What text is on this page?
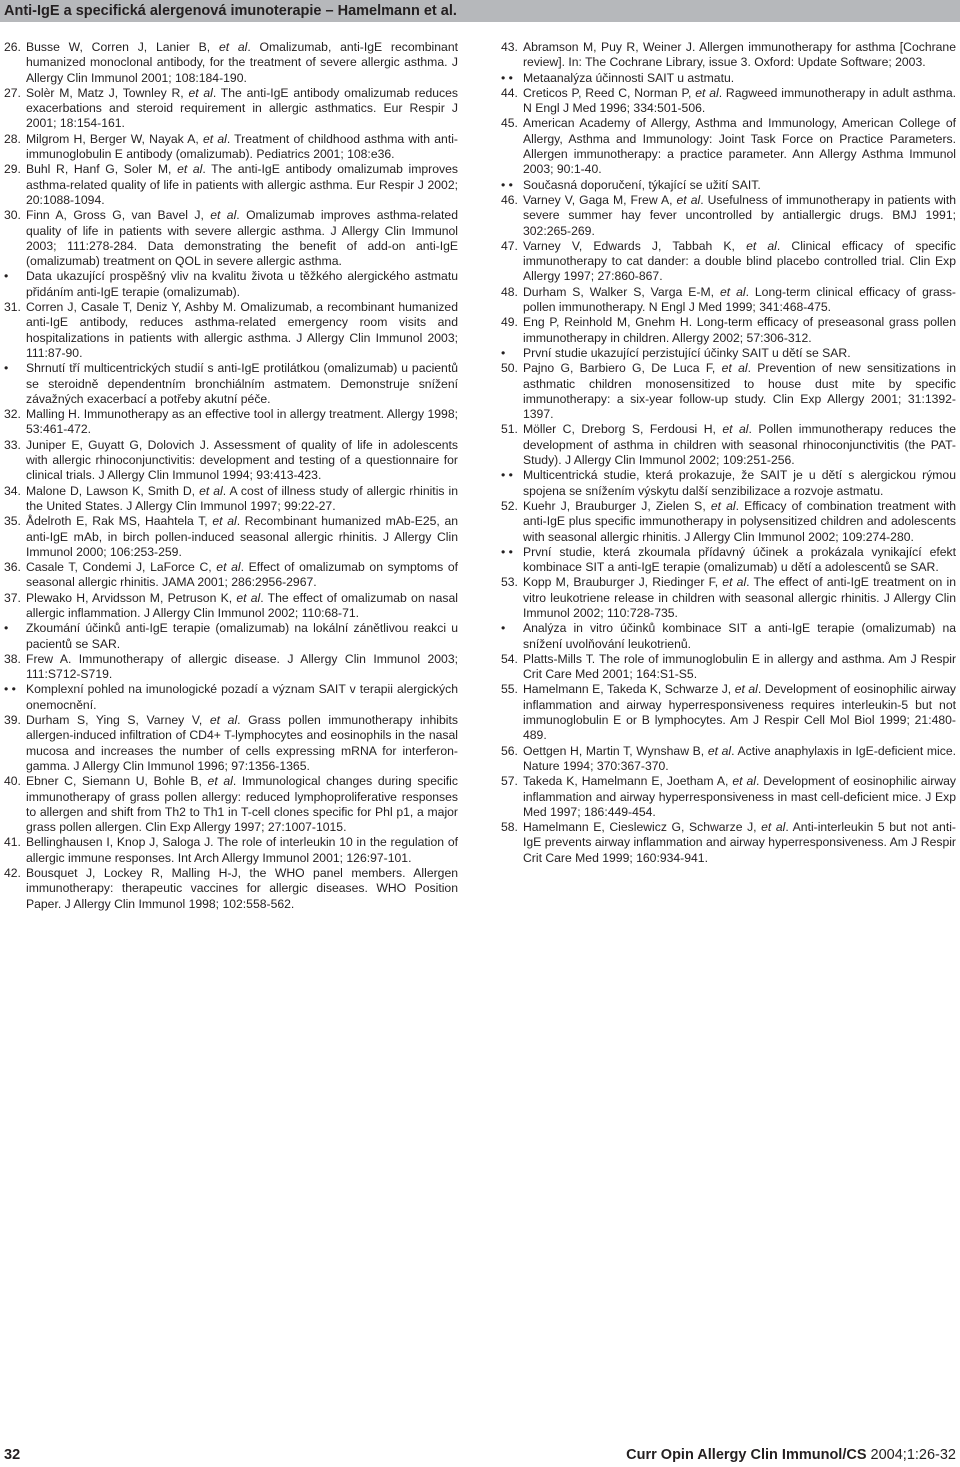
Anti-IgE a specifická alergenová imunoterapie – Hamelmann et al.
26. Busse W, Corren J, Lanier B, et al. Omalizumab, anti-IgE recombinant humanized monoclonal antibody, for the treatment of severe allergic asthma. J Allergy Clin Immunol 2001; 108:184-190.
27. Solèr M, Matz J, Townley R, et al. The anti-IgE antibody omalizumab reduces exacerbations and steroid requirement in allergic asthmatics. Eur Respir J 2001; 18:154-161.
28. Milgrom H, Berger W, Nayak A, et al. Treatment of childhood asthma with anti-immunoglobulin E antibody (omalizumab). Pediatrics 2001; 108:e36.
29. Buhl R, Hanf G, Soler M, et al. The anti-IgE antibody omalizumab improves asthma-related quality of life in patients with allergic asthma. Eur Respir J 2002; 20:1088-1094.
30. Finn A, Gross G, van Bavel J, et al. Omalizumab improves asthma-related quality of life in patients with severe allergic asthma. J Allergy Clin Immunol 2003; 111:278-284. Data demonstrating the benefit of add-on anti-IgE (omalizumab) treatment on QOL in severe allergic asthma.
•	Data ukazující prospěšný vliv na kvalitu života u těžkého alergického astmatu přidáním anti-IgE terapie (omalizumab).
31. Corren J, Casale T, Deniz Y, Ashby M. Omalizumab, a recombinant humanized anti-IgE antibody, reduces asthma-related emergency room visits and hospitalizations in patients with allergic asthma. J Allergy Clin Immunol 2003; 111:87-90.
•	Shrnutí tří multicentrických studií s anti-IgE protilátkou (omalizumab) u pacientů se steroidně dependentním bronchiálním astmatem. Demonstruje snížení závažných exacerbací a potřeby akutní péče.
32. Malling H. Immunotherapy as an effective tool in allergy treatment. Allergy 1998; 53:461-472.
33. Juniper E, Guyatt G, Dolovich J. Assessment of quality of life in adolescents with allergic rhinoconjunctivitis: development and testing of a questionnaire for clinical trials. J Allergy Clin Immunol 1994; 93:413-423.
34. Malone D, Lawson K, Smith D, et al. A cost of illness study of allergic rhinitis in the United States. J Allergy Clin Immunol 1997; 99:22-27.
35. Ådelroth E, Rak MS, Haahtela T, et al. Recombinant humanized mAb-E25, an anti-IgE mAb, in birch pollen-induced seasonal allergic rhinitis. J Allergy Clin Immunol 2000; 106:253-259.
36. Casale T, Condemi J, LaForce C, et al. Effect of omalizumab on symptoms of seasonal allergic rhinitis. JAMA 2001; 286:2956-2967.
37. Plewako H, Arvidsson M, Petruson K, et al. The effect of omalizumab on nasal allergic inflammation. J Allergy Clin Immunol 2002; 110:68-71.
•	Zkoumání účinků anti-IgE terapie (omalizumab) na lokální zánětlivou reakci u pacientů se SAR.
38. Frew A. Immunotherapy of allergic disease. J Allergy Clin Immunol 2003; 111:S712-S719.
• • Komplexní pohled na imunologické pozadí a význam SAIT v terapii alergických onemocnění.
39. Durham S, Ying S, Varney V, et al. Grass pollen immunotherapy inhibits allergen-induced infiltration of CD4+ T-lymphocytes and eosinophils in the nasal mucosa and increases the number of cells expressing mRNA for interferon-gamma. J Allergy Clin Immunol 1996; 97:1356-1365.
40. Ebner C, Siemann U, Bohle B, et al. Immunological changes during specific immunotherapy of grass pollen allergy: reduced lymphoproliferative responses to allergen and shift from Th2 to Th1 in T-cell clones specific for Phl p1, a major grass pollen allergen. Clin Exp Allergy 1997; 27:1007-1015.
41. Bellinghausen I, Knop J, Saloga J. The role of interleukin 10 in the regulation of allergic immune responses. Int Arch Allergy Immunol 2001; 126:97-101.
42. Bousquet J, Lockey R, Malling H-J, the WHO panel members. Allergen immunotherapy: therapeutic vaccines for allergic diseases. WHO Position Paper. J Allergy Clin Immunol 1998; 102:558-562.
43. Abramson M, Puy R, Weiner J. Allergen immunotherapy for asthma [Cochrane review]. In: The Cochrane Library, issue 3. Oxford: Update Software; 2003.
• • Metaanalýza účinnosti SAIT u astmatu.
44. Creticos P, Reed C, Norman P, et al. Ragweed immunotherapy in adult asthma. N Engl J Med 1996; 334:501-506.
45. American Academy of Allergy, Asthma and Immunology, American College of Allergy, Asthma and Immunology: Joint Task Force on Practice Parameters. Allergen immunotherapy: a practice parameter. Ann Allergy Asthma Immunol 2003; 90:1-40.
• • Současná doporučení, týkající se užití SAIT.
46. Varney V, Gaga M, Frew A, et al. Usefulness of immunotherapy in patients with severe summer hay fever uncontrolled by antiallergic drugs. BMJ 1991; 302:265-269.
47. Varney V, Edwards J, Tabbah K, et al. Clinical efficacy of specific immunotherapy to cat dander: a double blind placebo controlled trial. Clin Exp Allergy 1997; 27:860-867.
48. Durham S, Walker S, Varga E-M, et al. Long-term clinical efficacy of grass-pollen immunotherapy. N Engl J Med 1999; 341:468-475.
49. Eng P, Reinhold M, Gnehm H. Long-term efficacy of preseasonal grass pollen immunotherapy in children. Allergy 2002; 57:306-312.
•	První studie ukazující perzistující účinky SAIT u dětí se SAR.
50. Pajno G, Barbiero G, De Luca F, et al. Prevention of new sensitizations in asthmatic children monosensitized to house dust mite by specific immunotherapy: a six-year follow-up study. Clin Exp Allergy 2001; 31:1392-1397.
51. Möller C, Dreborg S, Ferdousi H, et al. Pollen immunotherapy reduces the development of asthma in children with seasonal rhinoconjunctivitis (the PAT-Study). J Allergy Clin Immunol 2002; 109:251-256.
• • Multicentrická studie, která prokazuje, že SAIT je u dětí s alergickou rýmou spojena se snížením výskytu další senzibilizace a rozvoje astmatu.
52. Kuehr J, Brauburger J, Zielen S, et al. Efficacy of combination treatment with anti-IgE plus specific immunotherapy in polysensitized children and adolescents with seasonal allergic rhinitis. J Allergy Clin Immunol 2002; 109:274-280.
• • První studie, která zkoumala přídavný účinek a prokázala vynikající efekt kombinace SIT a anti-IgE terapie (omalizumab) u dětí a adolescentů se SAR.
53. Kopp M, Brauburger J, Riedinger F, et al. The effect of anti-IgE treatment on in vitro leukotriene release in children with seasonal allergic rhinitis. J Allergy Clin Immunol 2002; 110:728-735.
•	Analýza in vitro účinků kombinace SIT a anti-IgE terapie (omalizumab) na snížení uvolňování leukotrienů.
54. Platts-Mills T. The role of immunoglobulin E in allergy and asthma. Am J Respir Crit Care Med 2001; 164:S1-S5.
55. Hamelmann E, Takeda K, Schwarze J, et al. Development of eosinophilic airway inflammation and airway hyperresponsiveness requires interleukin-5 but not immunoglobulin E or B lymphocytes. Am J Respir Cell Mol Biol 1999; 21:480-489.
56. Oettgen H, Martin T, Wynshaw B, et al. Active anaphylaxis in IgE-deficient mice. Nature 1994; 370:367-370.
57. Takeda K, Hamelmann E, Joetham A, et al. Development of eosinophilic airway inflammation and airway hyperresponsiveness in mast cell-deficient mice. J Exp Med 1997; 186:449-454.
58. Hamelmann E, Cieslewicz G, Schwarze J, et al. Anti-interleukin 5 but not anti-IgE prevents airway inflammation and airway hyperresponsiveness. Am J Respir Crit Care Med 1999; 160:934-941.
32	Curr Opin Allergy Clin Immunol/CS 2004;1:26-32
